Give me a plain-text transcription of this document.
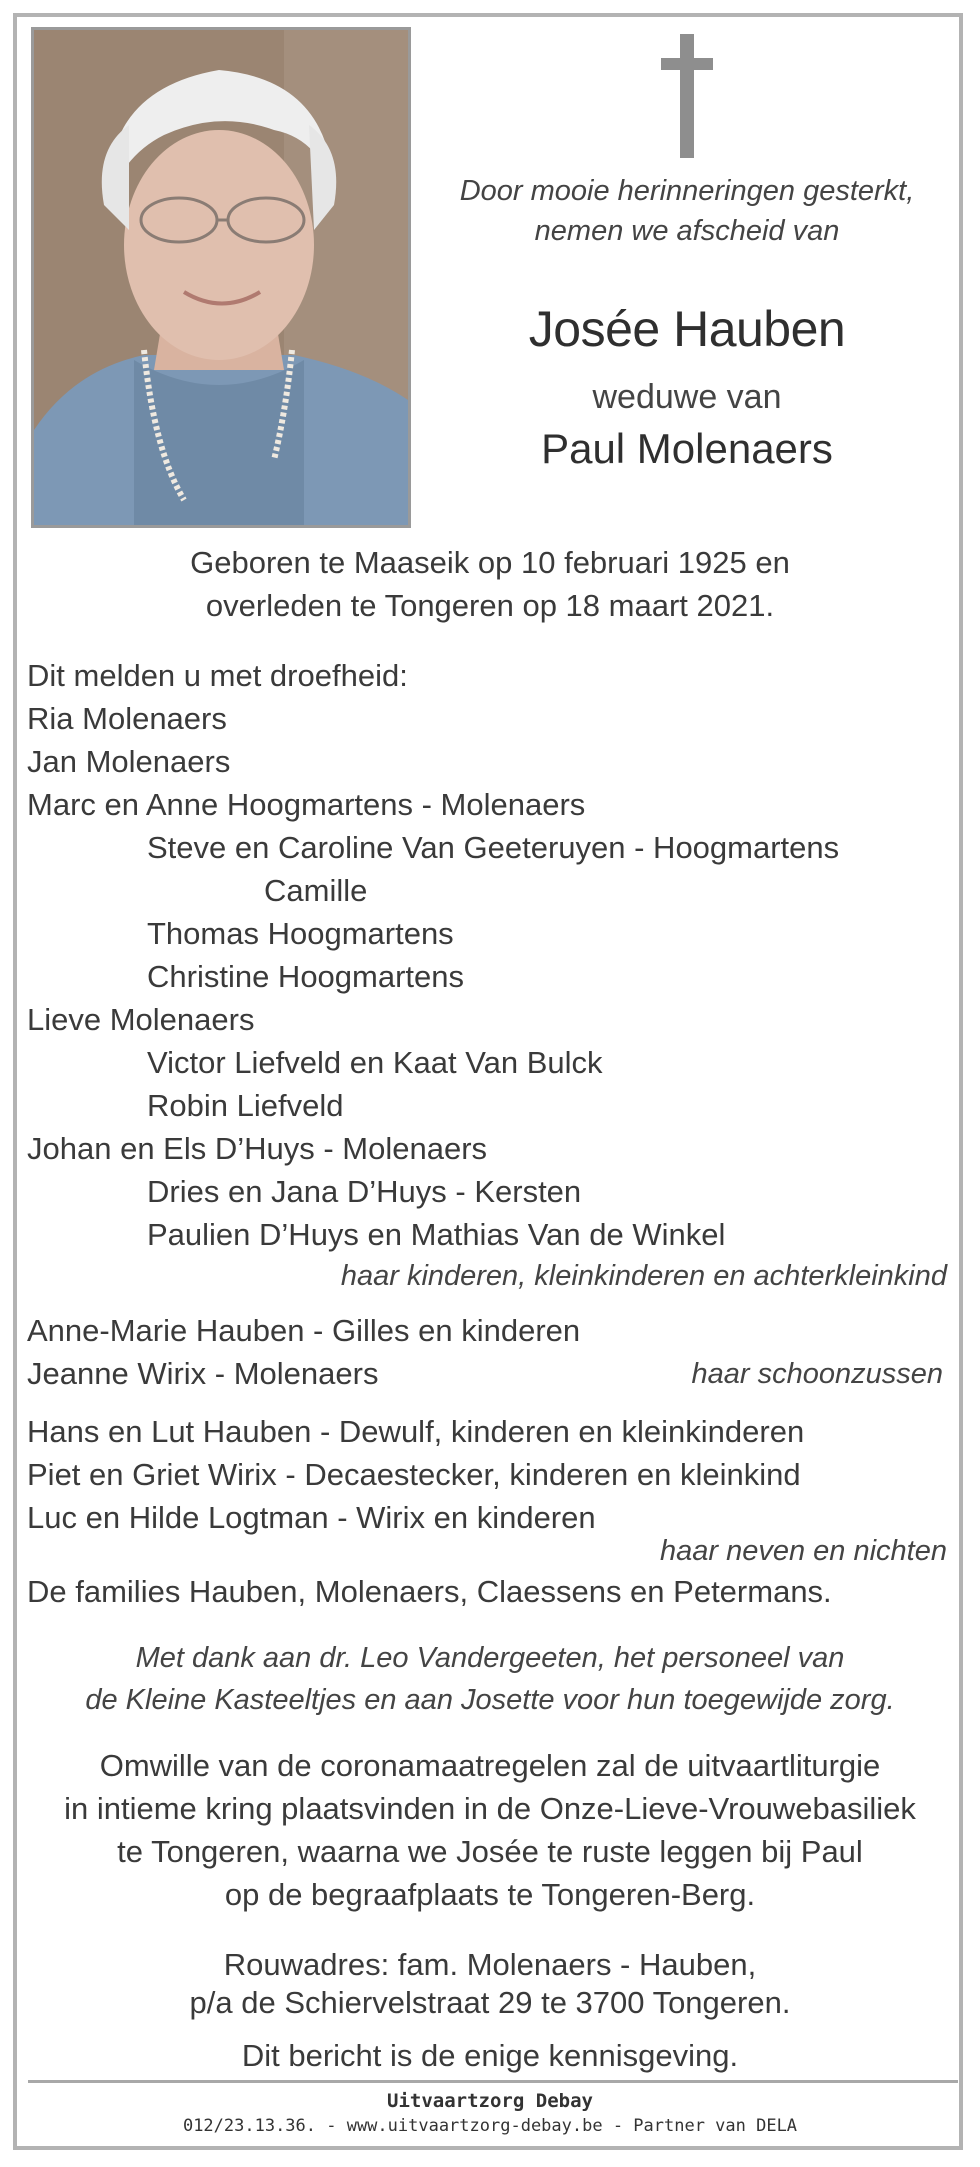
Door mooie herinneringen gesterkt,
nemen we afscheid van
Josée Hauben
weduwe van
Paul Molenaers
Geboren te Maaseik op 10 februari 1925 en
overleden te Tongeren op 18 maart 2021.
Dit melden u met droefheid:
Ria Molenaers
Jan Molenaers
Marc en Anne Hoogmartens - Molenaers
Steve en Caroline Van Geeteruyen - Hoogmartens
Camille
Thomas Hoogmartens
Christine Hoogmartens
Lieve Molenaers
Victor Liefveld en Kaat Van Bulck
Robin Liefveld
Johan en Els D’Huys - Molenaers
Dries en Jana D’Huys - Kersten
Paulien D’Huys en Mathias Van de Winkel
haar kinderen, kleinkinderen en achterkleinkind
Anne-Marie Hauben - Gilles en kinderen
Jeanne Wirix - Molenaers	haar schoonzussen
Hans en Lut Hauben - Dewulf, kinderen en kleinkinderen
Piet en Griet Wirix - Decaestecker, kinderen en kleinkind
Luc en Hilde Logtman - Wirix en kinderen
haar neven en nichten
De families Hauben, Molenaers, Claessens en Petermans.
Met dank aan dr. Leo Vandergeeten, het personeel van
de Kleine Kasteeltjes en aan Josette voor hun toegewijde zorg.
Omwille van de coronamaatregelen zal de uitvaartliturgie
in intieme kring plaatsvinden in de Onze-Lieve-Vrouwebasiliek
te Tongeren, waarna we Josée te ruste leggen bij Paul
op de begraafplaats te Tongeren-Berg.
Rouwadres: fam. Molenaers - Hauben,
p/a de Schiervelstraat 29 te 3700 Tongeren.
Dit bericht is de enige kennisgeving.
Uitvaartzorg Debay
012/23.13.36. - www.uitvaartzorg-debay.be - Partner van DELA
